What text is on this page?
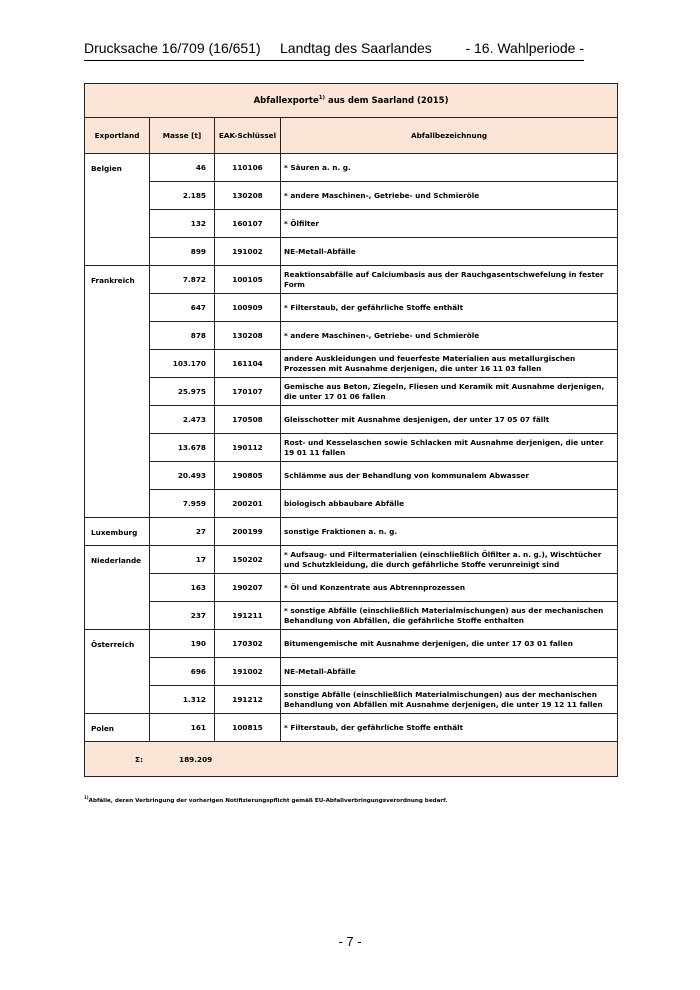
Drucksache 16/709 (16/651) Landtag des Saarlandes - 16. Wahlperiode -
Abfallexporte$^{1)}$ aus dem Saarland (2015)			
Exportland	Masse [t]	EAK-Schlüssel	Abfallbezeichnung
Belgien	46	110106	* Säuren a. n. g.
	2.185	130208	* andere Maschinen-, Getriebe- und Schmieröle
	132	160107	* Ölfilter
	899	191002	NE-Metall-Abfälle
Frankreich	7.872	100105	Reaktionsabfälle auf Calciumbasis aus der Rauchgasentschwefelung in fester Form
	647	100909	* Filterstaub, der gefährliche Stoffe enthält
	878	130208	* andere Maschinen-, Getriebe- und Schmieröle
	103.170	161104	andere Auskleidungen und feuerfeste Materialien aus metallurgischen Prozessen mit Ausnahme derjenigen, die unter 16 11 03 fallen
	25.975	170107	Gemische aus Beton, Ziegeln, Fliesen und Keramik mit Ausnahme derjenigen, die unter 17 01 06 fallen
	2.473	170508	Gleisschotter mit Ausnahme desjenigen, der unter 17 05 07 fällt
	13.678	190112	Rost- und Kesselaschen sowie Schlacken mit Ausnahme derjenigen, die unter 19 01 11 fallen
	20.493	190805	Schlämme aus der Behandlung von kommunalem Abwasser
	7.959	200201	biologisch abbaubare Abfälle
Luxemburg	27	200199	sonstige Fraktionen a. n. g.
Niederlande	17	150202	* Aufsaug- und Filtermaterialien (einschließlich Ölfilter a. n. g.), Wischtücher und Schutzkleidung, die durch gefährliche Stoffe verunreinigt sind
	163	190207	* Öl und Konzentrate aus Abtrennprozessen
	237	191211	* sonstige Abfälle (einschließlich Materialmischungen) aus der mechanischen Behandlung von Abfällen, die gefährliche Stoffe enthalten
Österreich	190	170302	Bitumengemische mit Ausnahme derjenigen, die unter 17 03 01 fallen
	696	191002	NE-Metall-Abfälle
	1.312	191212	sonstige Abfälle (einschließlich Materialmischungen) aus der mechanischen Behandlung von Abfällen mit Ausnahme derjenigen, die unter 19 12 11 fallen
Polen	161	100815	* Filterstaub, der gefährliche Stoffe enthält

Σ: 189.209			
$^{1)}$Abfälle, deren Verbringung der vorherigen Notifizierungspflicht gemäß EU-Abfallverbringungsverordnung bedarf.
- 7 -
